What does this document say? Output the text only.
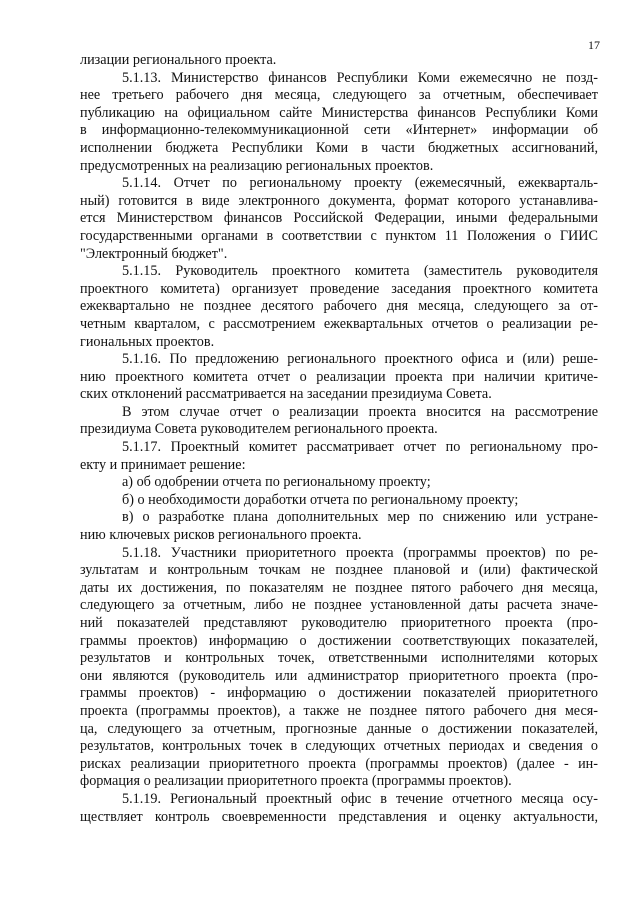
17
лизации регионального проекта.
5.1.13. Министерство финансов Республики Коми ежемесячно не позд-
нее третьего рабочего дня месяца, следующего за отчетным, обеспечивает
публикацию на официальном сайте Министерства финансов Республики Коми
в информационно-телекоммуникационной сети «Интернет» информации об
исполнении бюджета Республики Коми в части бюджетных ассигнований,
предусмотренных на реализацию региональных проектов.
5.1.14. Отчет по региональному проекту (ежемесячный, ежекварталь-
ный) готовится в виде электронного документа, формат которого устанавлива-
ется Министерством финансов Российской Федерации, иными федеральными
государственными органами в соответствии с пунктом 11 Положения о ГИИС
"Электронный бюджет".
5.1.15. Руководитель проектного комитета (заместитель руководителя
проектного комитета) организует проведение заседания проектного комитета
ежеквартально не позднее десятого рабочего дня месяца, следующего за от-
четным кварталом, с рассмотрением ежеквартальных отчетов о реализации ре-
гиональных проектов.
5.1.16. По предложению регионального проектного офиса и (или) реше-
нию проектного комитета отчет о реализации проекта при наличии критиче-
ских отклонений рассматривается на заседании президиума Совета.
В этом случае отчет о реализации проекта вносится на рассмотрение
президиума Совета руководителем регионального проекта.
5.1.17. Проектный комитет рассматривает отчет по региональному про-
екту и принимает решение:
а) об одобрении отчета по региональному проекту;
б) о необходимости доработки отчета по региональному проекту;
в) о разработке плана дополнительных мер по снижению или устране-
нию ключевых рисков регионального проекта.
5.1.18. Участники приоритетного проекта (программы проектов) по ре-
зультатам и контрольным точкам не позднее плановой и (или) фактической
даты их достижения, по показателям не позднее пятого рабочего дня месяца,
следующего за отчетным, либо не позднее установленной даты расчета значе-
ний показателей представляют руководителю приоритетного проекта (про-
граммы проектов) информацию о достижении соответствующих показателей,
результатов и контрольных точек, ответственными исполнителями которых
они являются (руководитель или администратор приоритетного проекта (про-
граммы проектов) - информацию о достижении показателей приоритетного
проекта (программы проектов), а также не позднее пятого рабочего дня меся-
ца, следующего за отчетным, прогнозные данные о достижении показателей,
результатов, контрольных точек в следующих отчетных периодах и сведения о
рисках реализации приоритетного проекта (программы проектов) (далее - ин-
формация о реализации приоритетного проекта (программы проектов).
5.1.19. Региональный проектный офис в течение отчетного месяца осу-
ществляет контроль своевременности представления и оценку актуальности,
